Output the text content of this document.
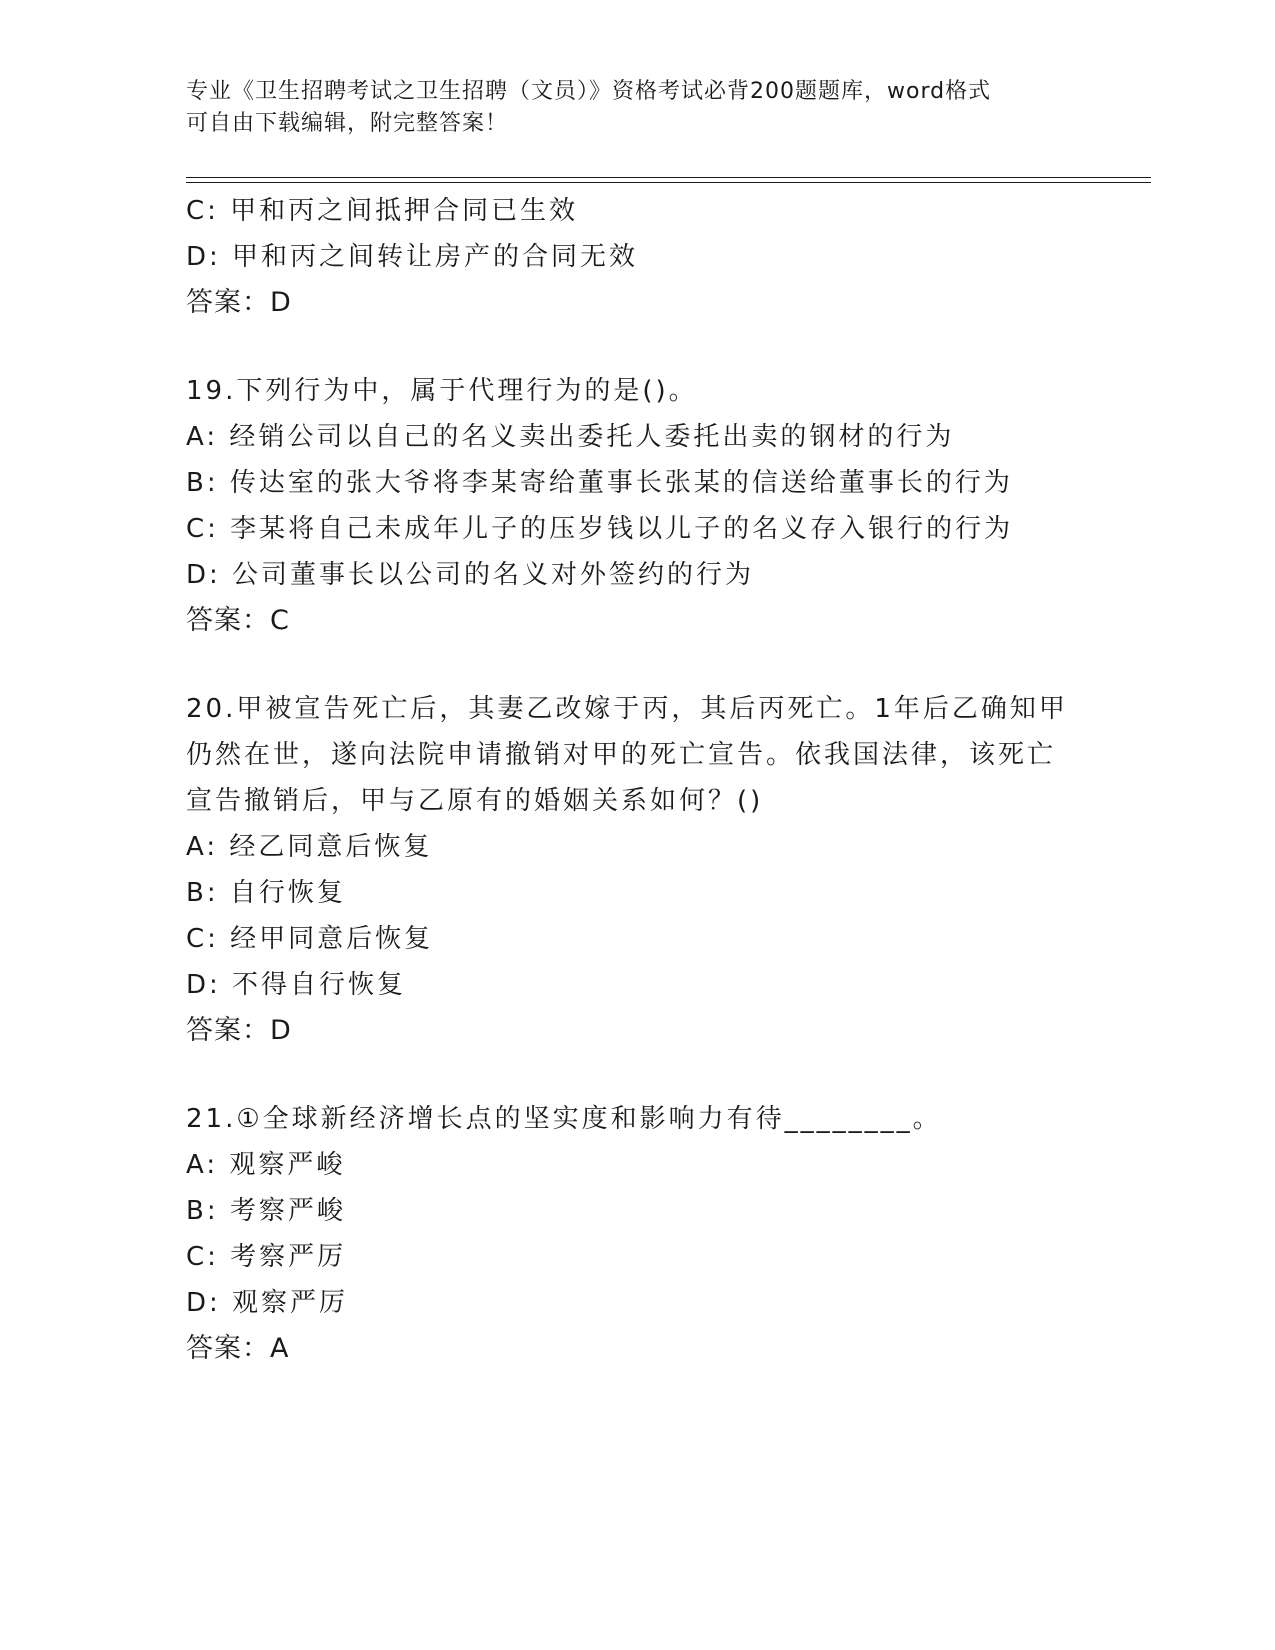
专业《卫生招聘考试之卫生招聘（文员）》资格考试必背200题题库，word格式
可自由下载编辑，附完整答案！
C: 甲和丙之间抵押合同已生效
D: 甲和丙之间转让房产的合同无效
答案：D
19.下列行为中，属于代理行为的是()。
A: 经销公司以自己的名义卖出委托人委托出卖的钢材的行为
B: 传达室的张大爷将李某寄给董事长张某的信送给董事长的行为
C: 李某将自己未成年儿子的压岁钱以儿子的名义存入银行的行为
D: 公司董事长以公司的名义对外签约的行为
答案：C
20.甲被宣告死亡后，其妻乙改嫁于丙，其后丙死亡。1年后乙确知甲
仍然在世，遂向法院申请撤销对甲的死亡宣告。依我国法律，该死亡
宣告撤销后，甲与乙原有的婚姻关系如何？()
A: 经乙同意后恢复
B: 自行恢复
C: 经甲同意后恢复
D: 不得自行恢复
答案：D
21.①全球新经济增长点的坚实度和影响力有待________。
A: 观察严峻
B: 考察严峻
C: 考察严厉
D: 观察严厉
答案：A
